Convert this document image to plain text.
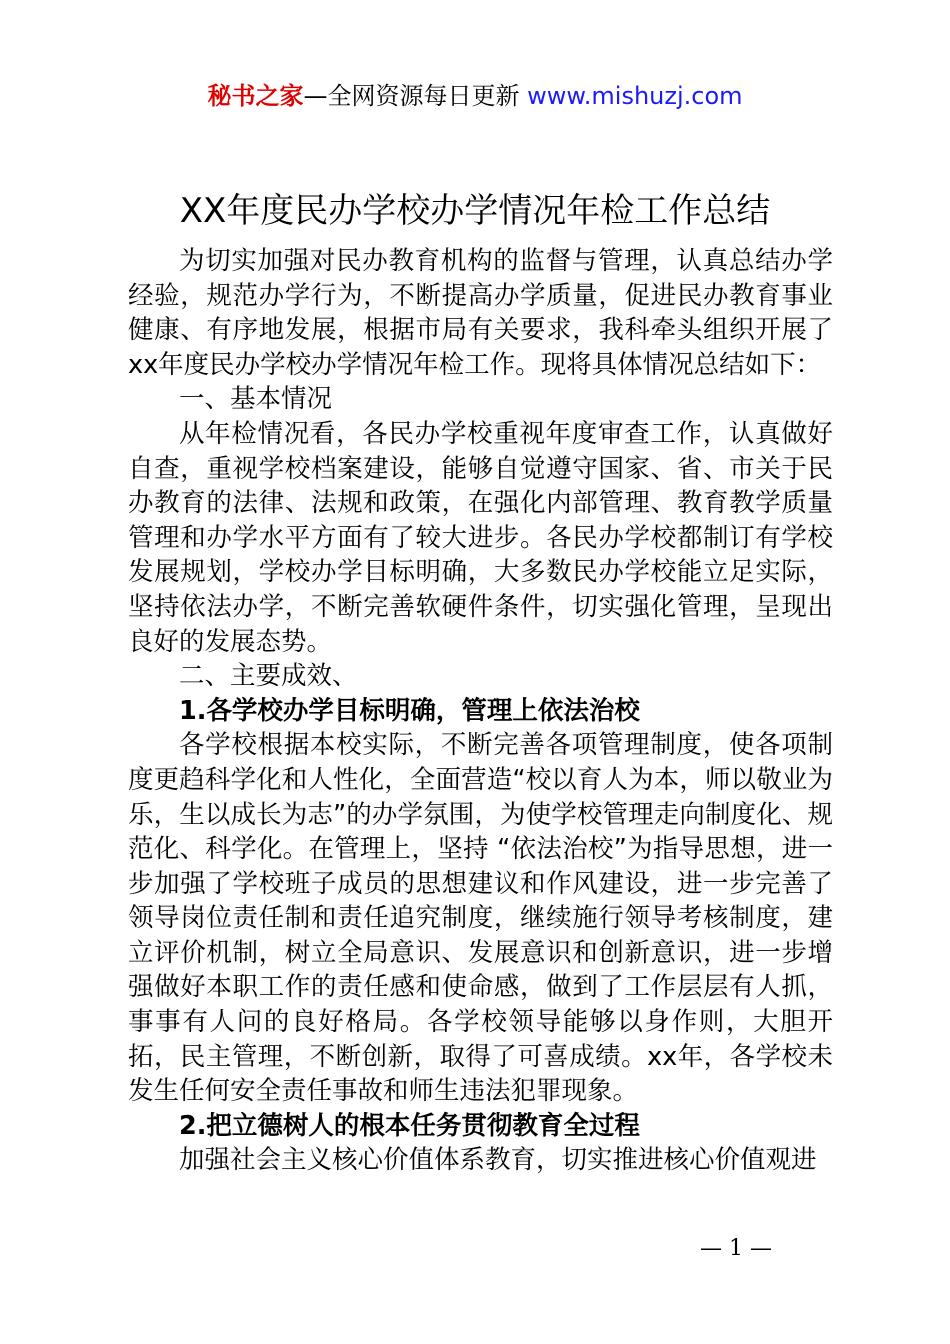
秘书之家—全网资源每日更新 www.mishuzj.com
XX年度民办学校办学情况年检工作总结

为切实加强对民办教育机构的监督与管理，认真总结办学经验，规范办学行为，不断提高办学质量，促进民办教育事业健康、有序地发展，根据市局有关要求，我科牵头组织开展了xx年度民办学校办学情况年检工作。现将具体情况总结如下：

一、基本情况

从年检情况看，各民办学校重视年度审查工作，认真做好自查，重视学校档案建设，能够自觉遵守国家、省、市关于民办教育的法律、法规和政策，在强化内部管理、教育教学质量管理和办学水平方面有了较大进步。各民办学校都制订有学校发展规划，学校办学目标明确，大多数民办学校能立足实际，坚持依法办学，不断完善软硬件条件，切实强化管理，呈现出良好的发展态势。

二、主要成效、

1.各学校办学目标明确，管理上依法治校

各学校根据本校实际，不断完善各项管理制度，使各项制度更趋科学化和人性化，全面营造“校以育人为本，师以敬业为乐，生以成长为志”的办学氛围，为使学校管理走向制度化、规范化、科学化。在管理上，坚持 “依法治校”为指导思想，进一步加强了学校班子成员的思想建议和作风建设，进一步完善了领导岗位责任制和责任追究制度，继续施行领导考核制度，建立评价机制，树立全局意识、发展意识和创新意识，进一步增强做好本职工作的责任感和使命感，做到了工作层层有人抓，事事有人问的良好格局。各学校领导能够以身作则，大胆开拓，民主管理，不断创新，取得了可喜成绩。xx年，各学校未发生任何安全责任事故和师生违法犯罪现象。

2.把立德树人的根本任务贯彻教育全过程

加强社会主义核心价值体系教育，切实推进核心价值观进

— 1 —
